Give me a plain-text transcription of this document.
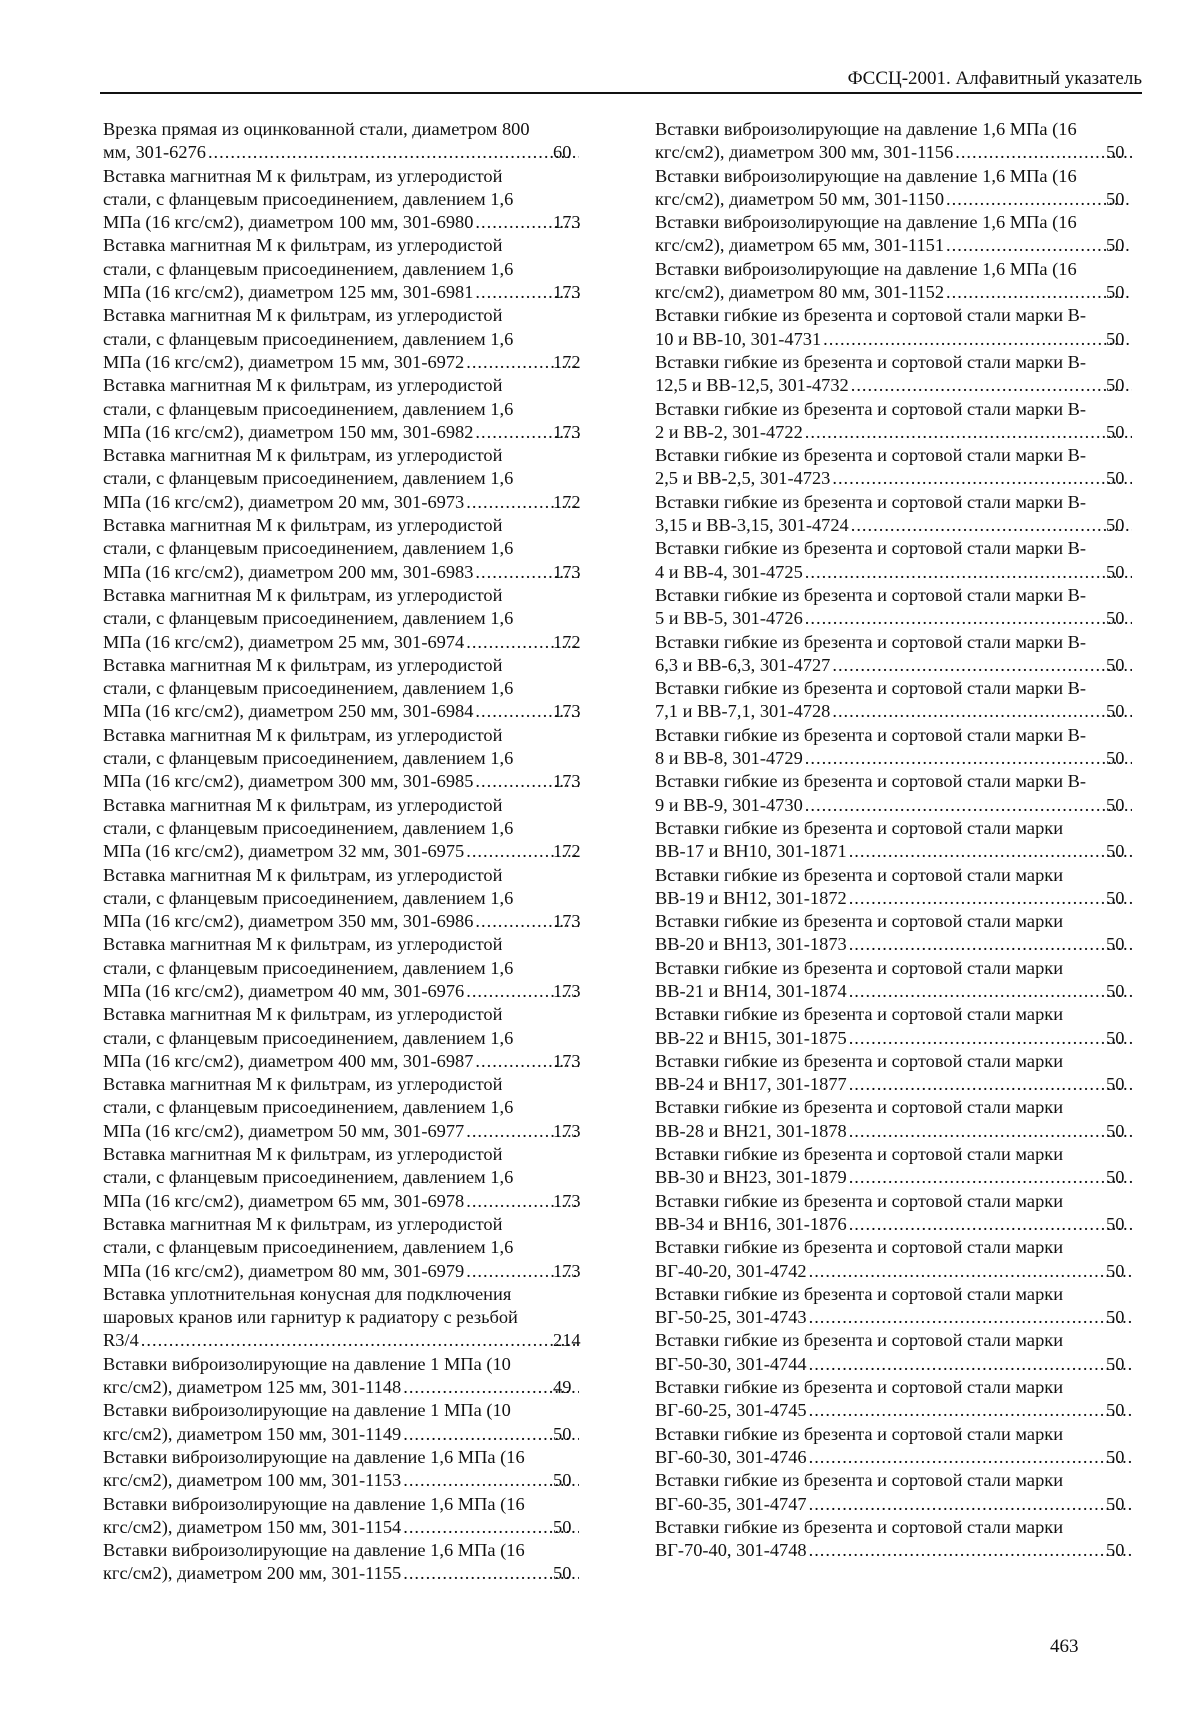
ФССЦ-2001. Алфавитный указатель
Врезка прямая из оцинкованной стали, диаметром 800
мм, 301-6276 .....	60
Вставка магнитная М к фильтрам, из углеродистой
стали, с фланцевым присоединением, давлением 1,6
МПа (16 кгс/см2), диаметром 100 мм, 301-6980 .....	173
Вставка магнитная М к фильтрам, из углеродистой
стали, с фланцевым присоединением, давлением 1,6
МПа (16 кгс/см2), диаметром 125 мм, 301-6981 .....	173
Вставка магнитная М к фильтрам, из углеродистой
стали, с фланцевым присоединением, давлением 1,6
МПа (16 кгс/см2), диаметром 15 мм, 301-6972 .....	172
Вставка магнитная М к фильтрам, из углеродистой
стали, с фланцевым присоединением, давлением 1,6
МПа (16 кгс/см2), диаметром 150 мм, 301-6982 .....	173
Вставка магнитная М к фильтрам, из углеродистой
стали, с фланцевым присоединением, давлением 1,6
МПа (16 кгс/см2), диаметром 20 мм, 301-6973 .....	172
Вставка магнитная М к фильтрам, из углеродистой
стали, с фланцевым присоединением, давлением 1,6
МПа (16 кгс/см2), диаметром 200 мм, 301-6983 .....	173
Вставка магнитная М к фильтрам, из углеродистой
стали, с фланцевым присоединением, давлением 1,6
МПа (16 кгс/см2), диаметром 25 мм, 301-6974 .....	172
Вставка магнитная М к фильтрам, из углеродистой
стали, с фланцевым присоединением, давлением 1,6
МПа (16 кгс/см2), диаметром 250 мм, 301-6984 .....	173
Вставка магнитная М к фильтрам, из углеродистой
стали, с фланцевым присоединением, давлением 1,6
МПа (16 кгс/см2), диаметром 300 мм, 301-6985 .....	173
Вставка магнитная М к фильтрам, из углеродистой
стали, с фланцевым присоединением, давлением 1,6
МПа (16 кгс/см2), диаметром 32 мм, 301-6975 .....	172
Вставка магнитная М к фильтрам, из углеродистой
стали, с фланцевым присоединением, давлением 1,6
МПа (16 кгс/см2), диаметром 350 мм, 301-6986 .....	173
Вставка магнитная М к фильтрам, из углеродистой
стали, с фланцевым присоединением, давлением 1,6
МПа (16 кгс/см2), диаметром 40 мм, 301-6976 .....	173
Вставка магнитная М к фильтрам, из углеродистой
стали, с фланцевым присоединением, давлением 1,6
МПа (16 кгс/см2), диаметром 400 мм, 301-6987 .....	173
Вставка магнитная М к фильтрам, из углеродистой
стали, с фланцевым присоединением, давлением 1,6
МПа (16 кгс/см2), диаметром 50 мм, 301-6977 .....	173
Вставка магнитная М к фильтрам, из углеродистой
стали, с фланцевым присоединением, давлением 1,6
МПа (16 кгс/см2), диаметром 65 мм, 301-6978 .....	173
Вставка магнитная М к фильтрам, из углеродистой
стали, с фланцевым присоединением, давлением 1,6
МПа (16 кгс/см2), диаметром 80 мм, 301-6979 .....	173
Вставка уплотнительная конусная для подключения
шаровых кранов или гарнитур к радиатору с резьбой
R3/4 .....	214
Вставки виброизолирующие на давление 1 МПа (10
кгс/см2), диаметром 125 мм, 301-1148 .....	49
Вставки виброизолирующие на давление 1 МПа (10
кгс/см2), диаметром 150 мм, 301-1149 .....	50
Вставки виброизолирующие на давление 1,6 МПа (16
кгс/см2), диаметром 100 мм, 301-1153 .....	50
Вставки виброизолирующие на давление 1,6 МПа (16
кгс/см2), диаметром 150 мм, 301-1154 .....	50
Вставки виброизолирующие на давление 1,6 МПа (16
кгс/см2), диаметром 200 мм, 301-1155 .....	50
Вставки виброизолирующие на давление 1,6 МПа (16
кгс/см2), диаметром 300 мм, 301-1156 .....	50
Вставки виброизолирующие на давление 1,6 МПа (16
кгс/см2), диаметром 50 мм, 301-1150 .....	50
Вставки виброизолирующие на давление 1,6 МПа (16
кгс/см2), диаметром 65 мм, 301-1151 .....	50
Вставки виброизолирующие на давление 1,6 МПа (16
кгс/см2), диаметром 80 мм, 301-1152 .....	50
Вставки гибкие из брезента и сортовой стали марки В-
10 и ВВ-10, 301-4731 .....	50
Вставки гибкие из брезента и сортовой стали марки В-
12,5 и ВВ-12,5, 301-4732 .....	50
Вставки гибкие из брезента и сортовой стали марки В-
2 и ВВ-2, 301-4722 .....	50
Вставки гибкие из брезента и сортовой стали марки В-
2,5 и ВВ-2,5, 301-4723 .....	50
Вставки гибкие из брезента и сортовой стали марки В-
3,15 и ВВ-3,15, 301-4724 .....	50
Вставки гибкие из брезента и сортовой стали марки В-
4 и ВВ-4, 301-4725 .....	50
Вставки гибкие из брезента и сортовой стали марки В-
5 и ВВ-5, 301-4726 .....	50
Вставки гибкие из брезента и сортовой стали марки В-
6,3 и ВВ-6,3, 301-4727 .....	50
Вставки гибкие из брезента и сортовой стали марки В-
7,1 и ВВ-7,1, 301-4728 .....	50
Вставки гибкие из брезента и сортовой стали марки В-
8 и ВВ-8, 301-4729 .....	50
Вставки гибкие из брезента и сортовой стали марки В-
9 и ВВ-9, 301-4730 .....	50
Вставки гибкие из брезента и сортовой стали марки
ВВ-17 и ВН10, 301-1871 .....	50
Вставки гибкие из брезента и сортовой стали марки
ВВ-19 и ВН12, 301-1872 .....	50
Вставки гибкие из брезента и сортовой стали марки
ВВ-20 и ВН13, 301-1873 .....	50
Вставки гибкие из брезента и сортовой стали марки
ВВ-21 и ВН14, 301-1874 .....	50
Вставки гибкие из брезента и сортовой стали марки
ВВ-22 и ВН15, 301-1875 .....	50
Вставки гибкие из брезента и сортовой стали марки
ВВ-24 и ВН17, 301-1877 .....	50
Вставки гибкие из брезента и сортовой стали марки
ВВ-28 и ВН21, 301-1878 .....	50
Вставки гибкие из брезента и сортовой стали марки
ВВ-30 и ВН23, 301-1879 .....	50
Вставки гибкие из брезента и сортовой стали марки
ВВ-34 и ВН16, 301-1876 .....	50
Вставки гибкие из брезента и сортовой стали марки
ВГ-40-20, 301-4742 .....	50
Вставки гибкие из брезента и сортовой стали марки
ВГ-50-25, 301-4743 .....	50
Вставки гибкие из брезента и сортовой стали марки
ВГ-50-30, 301-4744 .....	50
Вставки гибкие из брезента и сортовой стали марки
ВГ-60-25, 301-4745 .....	50
Вставки гибкие из брезента и сортовой стали марки
ВГ-60-30, 301-4746 .....	50
Вставки гибкие из брезента и сортовой стали марки
ВГ-60-35, 301-4747 .....	50
Вставки гибкие из брезента и сортовой стали марки
ВГ-70-40, 301-4748 .....	50
463
